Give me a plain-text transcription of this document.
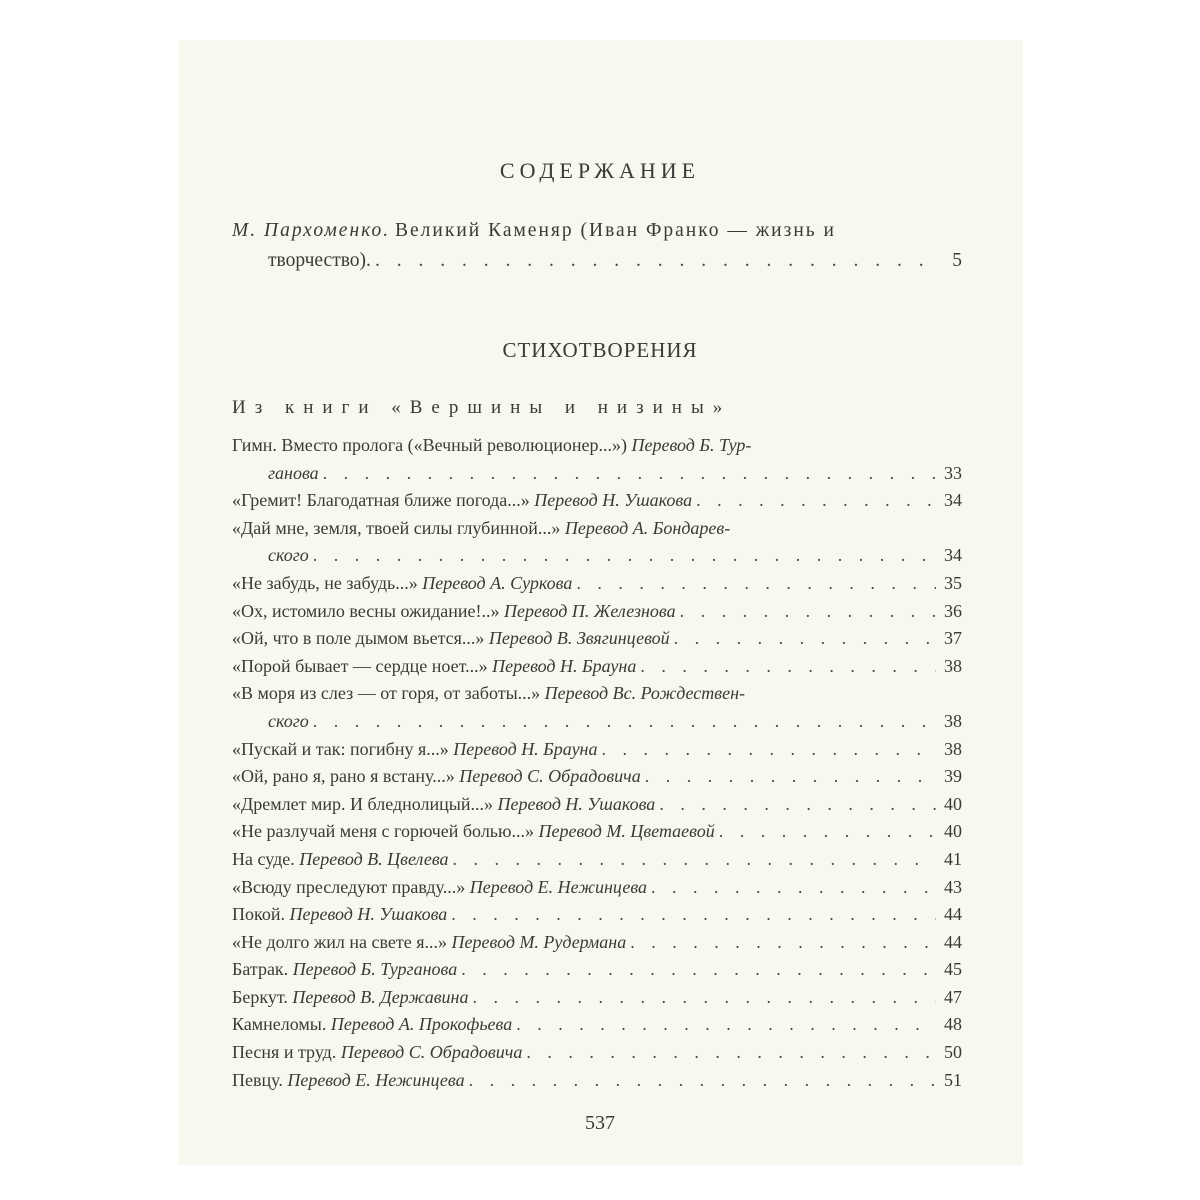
СОДЕРЖАНИЕ
М. Пархоменко. Великий Каменяр (Иван Франко — жизнь и
творчество). . . .	5
СТИХОТВОРЕНИЯ
Из книги «Вершины и низины»
Гимн. Вместо пролога («Вечный революционер...») Перевод Б. Тур-
ганова . . .	33
«Гремит! Благодатная ближе погода...» Перевод Н. Ушакова . . .	34
«Дай мне, земля, твоей силы глубинной...» Перевод А. Бондарев-
ского . . .	34
«Не забудь, не забудь...» Перевод А. Суркова . . .	35
«Ох, истомило весны ожидание!..» Перевод П. Железнова . . .	36
«Ой, что в поле дымом вьется...» Перевод В. Звягинцевой . . .	37
«Порой бывает — сердце ноет...» Перевод Н. Брауна . . .	38
«В моря из слез — от горя, от заботы...» Перевод Вс. Рождествен-
ского . . .	38
«Пускай и так: погибну я...» Перевод Н. Брауна . . .	38
«Ой, рано я, рано я встану...» Перевод С. Обрадовича . . .	39
«Дремлет мир. И бледнолицый...» Перевод Н. Ушакова . . .	40
«Не разлучай меня с горючей болью...» Перевод М. Цветаевой . . .	40
На суде. Перевод В. Цвелева . . .	41
«Всюду преследуют правду...» Перевод Е. Нежинцева . . .	43
Покой. Перевод Н. Ушакова . . .	44
«Не долго жил на свете я...» Перевод М. Рудермана . . .	44
Батрак. Перевод Б. Турганова . . .	45
Беркут. Перевод В. Державина . . .	47
Камнеломы. Перевод А. Прокофьева . . .	48
Песня и труд. Перевод С. Обрадовича . . .	50
Певцу. Перевод Е. Нежинцева . . .	51
537
